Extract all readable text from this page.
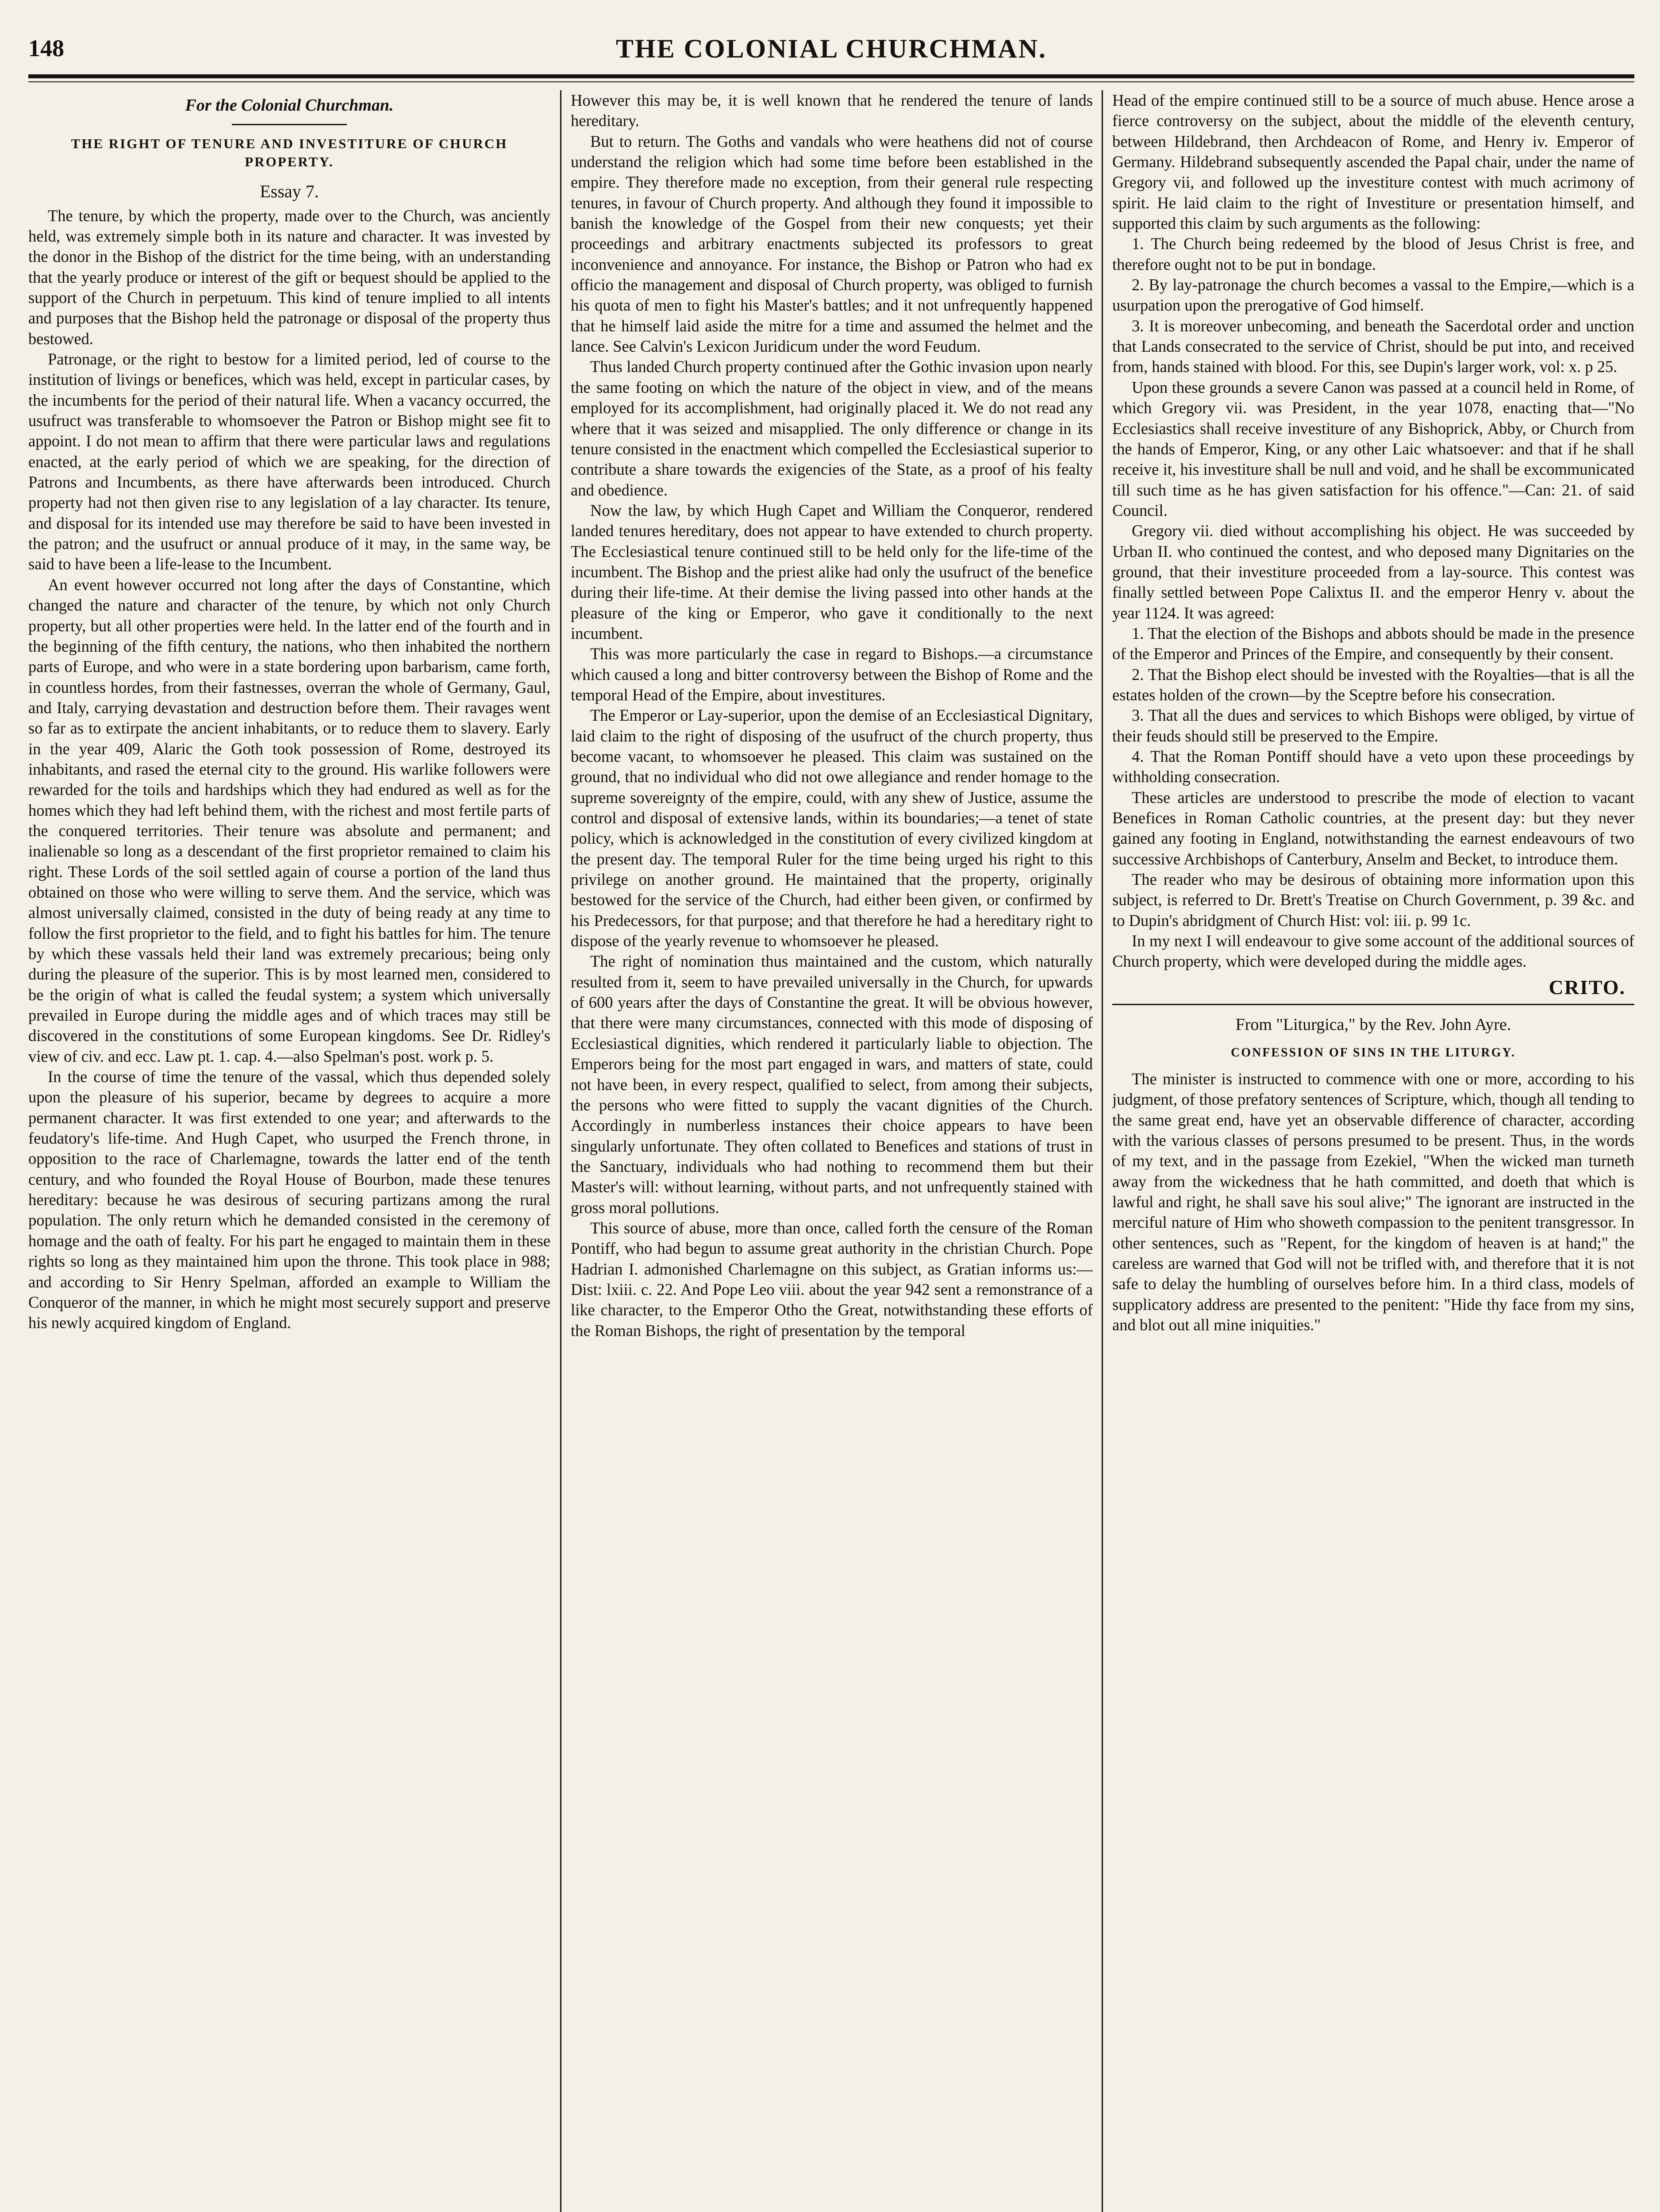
148	THE COLONIAL CHURCHMAN.
For the Colonial Churchman.
THE RIGHT OF TENURE AND INVESTITURE OF CHURCH PROPERTY.
Essay 7.

The tenure, by which the property, made over to the Church, was anciently held, was extremely simple both in its nature and character. It was invested by the donor in the Bishop of the district for the time being, with an understanding that the yearly produce or interest of the gift or bequest should be applied to the support of the Church in perpetuum. This kind of tenure implied to all intents and purposes that the Bishop held the patronage or disposal of the property thus bestowed.

Patronage, or the right to bestow for a limited period, led of course to the institution of livings or benefices, which was held, except in particular cases, by the incumbents for the period of their natural life. When a vacancy occurred, the usufruct was transferable to whomsoever the Patron or Bishop might see fit to appoint. I do not mean to affirm that there were particular laws and regulations enacted, at the early period of which we are speaking, for the direction of Patrons and Incumbents, as there have afterwards been introduced. Church property had not then given rise to any legislation of a lay character. Its tenure, and disposal for its intended use may therefore be said to have been invested in the patron; and the usufruct or annual produce of it may, in the same way, be said to have been a life-lease to the Incumbent.

An event however occurred not long after the days of Constantine, which changed the nature and character of the tenure, by which not only Church property, but all other properties were held. In the latter end of the fourth and in the beginning of the fifth century, the nations, who then inhabited the northern parts of Europe, and who were in a state bordering upon barbarism, came forth, in countless hordes, from their fastnesses, overran the whole of Germany, Gaul, and Italy, carrying devastation and destruction before them. Their ravages went so far as to extirpate the ancient inhabitants, or to reduce them to slavery. Early in the year 409, Alaric the Goth took possession of Rome, destroyed its inhabitants, and rased the eternal city to the ground. His warlike followers were rewarded for the toils and hardships which they had endured as well as for the homes which they had left behind them, with the richest and most fertile parts of the conquered territories. Their tenure was absolute and permanent; and inalienable so long as a descendant of the first proprietor remained to claim his right. These Lords of the soil settled again of course a portion of the land thus obtained on those who were willing to serve them. And the service, which was almost universally claimed, consisted in the duty of being ready at any time to follow the first proprietor to the field, and to fight his battles for him. The tenure by which these vassals held their land was extremely precarious; being only during the pleasure of the superior. This is by most learned men, considered to be the origin of what is called the feudal system; a system which universally prevailed in Europe during the middle ages and of which traces may still be discovered in the constitutions of some European kingdoms. See Dr. Ridley's view of civ. and ecc. Law pt. 1. cap. 4.—also Spelman's post. work p. 5.

In the course of time the tenure of the vassal, which thus depended solely upon the pleasure of his superior, became by degrees to acquire a more permanent character. It was first extended to one year; and afterwards to the feudatory's life-time. And Hugh Capet, who usurped the French throne, in opposition to the race of Charlemagne, towards the latter end of the tenth century, and who founded the Royal House of Bourbon, made these tenures hereditary: because he was desirous of securing partizans among the rural population. The only return which he demanded consisted in the ceremony of homage and the oath of fealty. For his part he engaged to maintain them in these rights so long as they maintained him upon the throne. This took place in 988; and according to Sir Henry Spelman, afforded an example to William the Conqueror of the manner, in which he might most securely support and preserve his newly acquired kingdom of England.

However this may be, it is well known that he rendered the tenure of lands hereditary.

But to return. The Goths and vandals who were heathens did not of course understand the religion which had some time before been established in the empire. They therefore made no exception, from their general rule respecting tenures, in favour of Church property. And although they found it impossible to banish the knowledge of the Gospel from their new conquests; yet their proceedings and arbitrary enactments subjected its professors to great inconvenience and annoyance. For instance, the Bishop or Patron who had ex officio the management and disposal of Church property, was obliged to furnish his quota of men to fight his Master's battles; and it not unfrequently happened that he himself laid aside the mitre for a time and assumed the helmet and the lance. See Calvin's Lexicon Juridicum under the word Feudum.

Thus landed Church property continued after the Gothic invasion upon nearly the same footing on which the nature of the object in view, and of the means employed for its accomplishment, had originally placed it. We do not read any where that it was seized and misapplied. The only difference or change in its tenure consisted in the enactment which compelled the Ecclesiastical superior to contribute a share towards the exigencies of the State, as a proof of his fealty and obedience.

Now the law, by which Hugh Capet and William the Conqueror, rendered landed tenures hereditary, does not appear to have extended to church property. The Ecclesiastical tenure continued still to be held only for the life-time of the incumbent. The Bishop and the priest alike had only the usufruct of the benefice during their life-time. At their demise the living passed into other hands at the pleasure of the king or Emperor, who gave it conditionally to the next incumbent.

This was more particularly the case in regard to Bishops.—a circumstance which caused a long and bitter controversy between the Bishop of Rome and the temporal Head of the Empire, about investitures.

The Emperor or Lay-superior, upon the demise of an Ecclesiastical Dignitary, laid claim to the right of disposing of the usufruct of the church property, thus become vacant, to whomsoever he pleased. This claim was sustained on the ground, that no individual who did not owe allegiance and render homage to the supreme sovereignty of the empire, could, with any shew of Justice, assume the control and disposal of extensive lands, within its boundaries;—a tenet of state policy, which is acknowledged in the constitution of every civilized kingdom at the present day. The temporal Ruler for the time being urged his right to this privilege on another ground. He maintained that the property, originally bestowed for the service of the Church, had either been given, or confirmed by his Predecessors, for that purpose; and that therefore he had a hereditary right to dispose of the yearly revenue to whomsoever he pleased.

The right of nomination thus maintained and the custom, which naturally resulted from it, seem to have prevailed universally in the Church, for upwards of 600 years after the days of Constantine the great. It will be obvious however, that there were many circumstances, connected with this mode of disposing of Ecclesiastical dignities, which rendered it particularly liable to objection. The Emperors being for the most part engaged in wars, and matters of state, could not have been, in every respect, qualified to select, from among their subjects, the persons who were fitted to supply the vacant dignities of the Church. Accordingly in numberless instances their choice appears to have been singularly unfortunate. They often collated to Benefices and stations of trust in the Sanctuary, individuals who had nothing to recommend them but their Master's will: without learning, without parts, and not unfrequently stained with gross moral pollutions.

This source of abuse, more than once, called forth the censure of the Roman Pontiff, who had begun to assume great authority in the christian Church. Pope Hadrian I. admonished Charlemagne on this subject, as Gratian informs us:—Dist: lxiii. c. 22. And Pope Leo viii. about the year 942 sent a remonstrance of a like character, to the Emperor Otho the Great, notwithstanding these efforts of the Roman Bishops, the right of presentation by the temporal

Head of the empire continued still to be a source of much abuse. Hence arose a fierce controversy on the subject, about the middle of the eleventh century, between Hildebrand, then Archdeacon of Rome, and Henry iv. Emperor of Germany. Hildebrand subsequently ascended the Papal chair, under the name of Gregory vii, and followed up the investiture contest with much acrimony of spirit. He laid claim to the right of Investiture or presentation himself, and supported this claim by such arguments as the following:

1. The Church being redeemed by the blood of Jesus Christ is free, and therefore ought not to be put in bondage.

2. By lay-patronage the church becomes a vassal to the Empire,—which is a usurpation upon the prerogative of God himself.

3. It is moreover unbecoming, and beneath the Sacerdotal order and unction that Lands consecrated to the service of Christ, should be put into, and received from, hands stained with blood. For this, see Dupin's larger work, vol: x. p 25.

Upon these grounds a severe Canon was passed at a council held in Rome, of which Gregory vii. was President, in the year 1078, enacting that—"No Ecclesiastics shall receive investiture of any Bishoprick, Abby, or Church from the hands of Emperor, King, or any other Laic whatsoever: and that if he shall receive it, his investiture shall be null and void, and he shall be excommunicated till such time as he has given satisfaction for his offence."—Can: 21. of said Council.

Gregory vii. died without accomplishing his object. He was succeeded by Urban II. who continued the contest, and who deposed many Dignitaries on the ground, that their investiture proceeded from a lay-source. This contest was finally settled between Pope Calixtus II. and the emperor Henry v. about the year 1124. It was agreed:

1. That the election of the Bishops and abbots should be made in the presence of the Emperor and Princes of the Empire, and consequently by their consent.

2. That the Bishop elect should be invested with the Royalties—that is all the estates holden of the crown—by the Sceptre before his consecration.

3. That all the dues and services to which Bishops were obliged, by virtue of their feuds should still be preserved to the Empire.

4. That the Roman Pontiff should have a veto upon these proceedings by withholding consecration.

These articles are understood to prescribe the mode of election to vacant Benefices in Roman Catholic countries, at the present day: but they never gained any footing in England, notwithstanding the earnest endeavours of two successive Archbishops of Canterbury, Anselm and Becket, to introduce them.

The reader who may be desirous of obtaining more information upon this subject, is referred to Dr. Brett's Treatise on Church Government, p. 39 &c. and to Dupin's abridgment of Church Hist: vol: iii. p. 99 1c.

In my next I will endeavour to give some account of the additional sources of Church property, which were developed during the middle ages.

CRITO.
From "Liturgica," by the Rev. John Ayre.
CONFESSION OF SINS IN THE LITURGY.

The minister is instructed to commence with one or more, according to his judgment, of those prefatory sentences of Scripture, which, though all tending to the same great end, have yet an observable difference of character, according with the various classes of persons presumed to be present. Thus, in the words of my text, and in the passage from Ezekiel, "When the wicked man turneth away from the wickedness that he hath committed, and doeth that which is lawful and right, he shall save his soul alive;" The ignorant are instructed in the merciful nature of Him who showeth compassion to the penitent transgressor. In other sentences, such as "Repent, for the kingdom of heaven is at hand;" the careless are warned that God will not be trifled with, and therefore that it is not safe to delay the humbling of ourselves before him. In a third class, models of supplicatory address are presented to the penitent: "Hide thy face from my sins, and blot out all mine iniquities."
